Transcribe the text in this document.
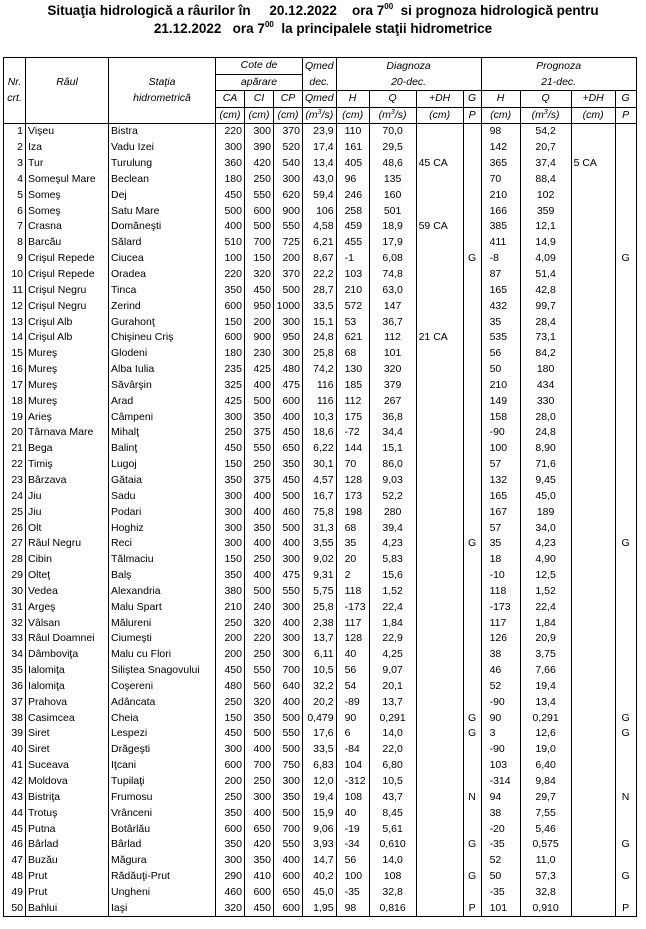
Situaţia hidrologică a râurilor în 20.12.2022 ora $7^{00}$ si prognoza hidrologică pentru
21.12.2022 ora $7^{00}$ la principalele staţii hidrometrice

			Cote de			Qmed	Diagnoza				Prognoza			
Nr.	Râul	Staţia	apărare			dec.	20-dec.				21-dec.			
crt.		hidrometrică	CA	CI	CP	Qmed	H	Q	+DH	G	H	Q	+DH	G
			(cm)	(cm)	(cm)	$(m^3/s)$	(cm)	$(m^3/s)$	(cm)	P	(cm)	$(m^3/s)$	(cm)	P
1	Vişeu	Bistra	220	300	370	23,9	110	70,0			98	54,2		
2	Iza	Vadu Izei	300	390	520	17,4	161	29,5			142	20,7		
3	Tur	Turulung	360	420	540	13,4	405	48,6	45 CA		365	37,4	5 CA	
4	Someşul Mare	Beclean	180	250	300	43,0	96	135			70	88,4		
5	Someş	Dej	450	550	620	59,4	246	160			210	102		
6	Someş	Satu Mare	500	600	900	106	258	501			166	359		
7	Crasna	Domăneşti	400	500	550	4,58	459	18,9	59 CA		385	12,1		
8	Barcău	Sălard	510	700	725	6,21	455	17,9			411	14,9		
9	Crişul Repede	Ciucea	100	150	200	8,67	-1	6,08		G	-8	4,09		G
10	Crişul Repede	Oradea	220	320	370	22,2	103	74,8			87	51,4		
11	Crişul Negru	Tinca	350	450	500	28,7	210	63,0			165	42,8		
12	Crişul Negru	Zerind	600	950	1000	33,5	572	147			432	99,7		
13	Crişul Alb	Gurahonţ	150	200	300	15,1	53	36,7			35	28,4		
14	Crişul Alb	Chişineu Criş	600	900	950	24,8	621	112	21 CA		535	73,1		
15	Mureş	Glodeni	180	230	300	25,8	68	101			56	84,2		
16	Mureş	Alba Iulia	235	425	480	74,2	130	320			50	180		
17	Mureş	Săvârşin	325	400	475	116	185	379			210	434		
18	Mureş	Arad	425	500	600	116	112	267			149	330		
19	Arieş	Câmpeni	300	350	400	10,3	175	36,8			158	28,0		
20	Târnava Mare	Mihalţ	250	375	450	18,6	-72	34,4			-90	24,8		
21	Bega	Balinţ	450	550	650	6,22	144	15,1			100	8,90		
22	Timiş	Lugoj	150	250	350	30,1	70	86,0			57	71,6		
23	Bârzava	Gătaia	350	375	450	4,57	128	9,03			132	9,45		
24	Jiu	Sadu	300	400	500	16,7	173	52,2			165	45,0		
25	Jiu	Podari	300	400	460	75,8	198	280			167	189		
26	Olt	Hoghiz	300	350	500	31,3	68	39,4			57	34,0		
27	Râul Negru	Reci	300	400	400	3,55	35	4,23		G	35	4,23		G
28	Cibin	Tălmaciu	150	250	300	9,02	20	5,83			18	4,90		
29	Olteţ	Balş	350	400	475	9,31	2	15,6			-10	12,5		
30	Vedea	Alexandria	380	500	550	5,75	118	1,52			118	1,52		
31	Argeş	Malu Spart	210	240	300	25,8	-173	22,4			-173	22,4		
32	Vâlsan	Mălureni	250	320	400	2,38	117	1,84			117	1,84		
33	Râul Doamnei	Ciumeşti	200	220	300	13,7	128	22,9			126	20,9		
34	Dâmboviţa	Malu cu Flori	200	250	300	6,11	40	4,25			38	3,75		
35	Ialomiţa	Siliştea Snagovului	450	550	700	10,5	56	9,07			46	7,66		
36	Ialomiţa	Coşereni	480	560	640	32,2	54	20,1			52	19,4		
37	Prahova	Adâncata	250	320	400	20,2	-89	13,7			-90	13,4		
38	Casimcea	Cheia	150	350	500	0,479	90	0,291		G	90	0,291		G
39	Siret	Lespezi	450	500	550	17,6	6	14,0		G	3	12,6		G
40	Siret	Drăgeşti	300	400	500	33,5	-84	22,0			-90	19,0		
41	Suceava	Iţcani	600	700	750	6,83	104	6,80			103	6,40		
42	Moldova	Tupilaţi	200	250	300	12,0	-312	10,5			-314	9,84		
43	Bistriţa	Frumosu	250	300	350	19,4	108	43,7		N	94	29,7		N
44	Trotuş	Vrânceni	350	400	500	15,9	40	8,45			38	7,55		
45	Putna	Botârlău	600	650	700	9,06	-19	5,61			-20	5,46		
46	Bârlad	Bârlad	350	420	550	3,93	-34	0,610		G	-35	0,575		G
47	Buzău	Măgura	300	350	400	14,7	56	14,0			52	11,0		
48	Prut	Rădăuţi-Prut	290	410	600	40,2	100	108		G	50	57,3		G
49	Prut	Ungheni	460	600	650	45,0	-35	32,8			-35	32,8		
50	Bahlui	Iaşi	320	450	600	1,95	98	0,816		P	101	0,910		P
